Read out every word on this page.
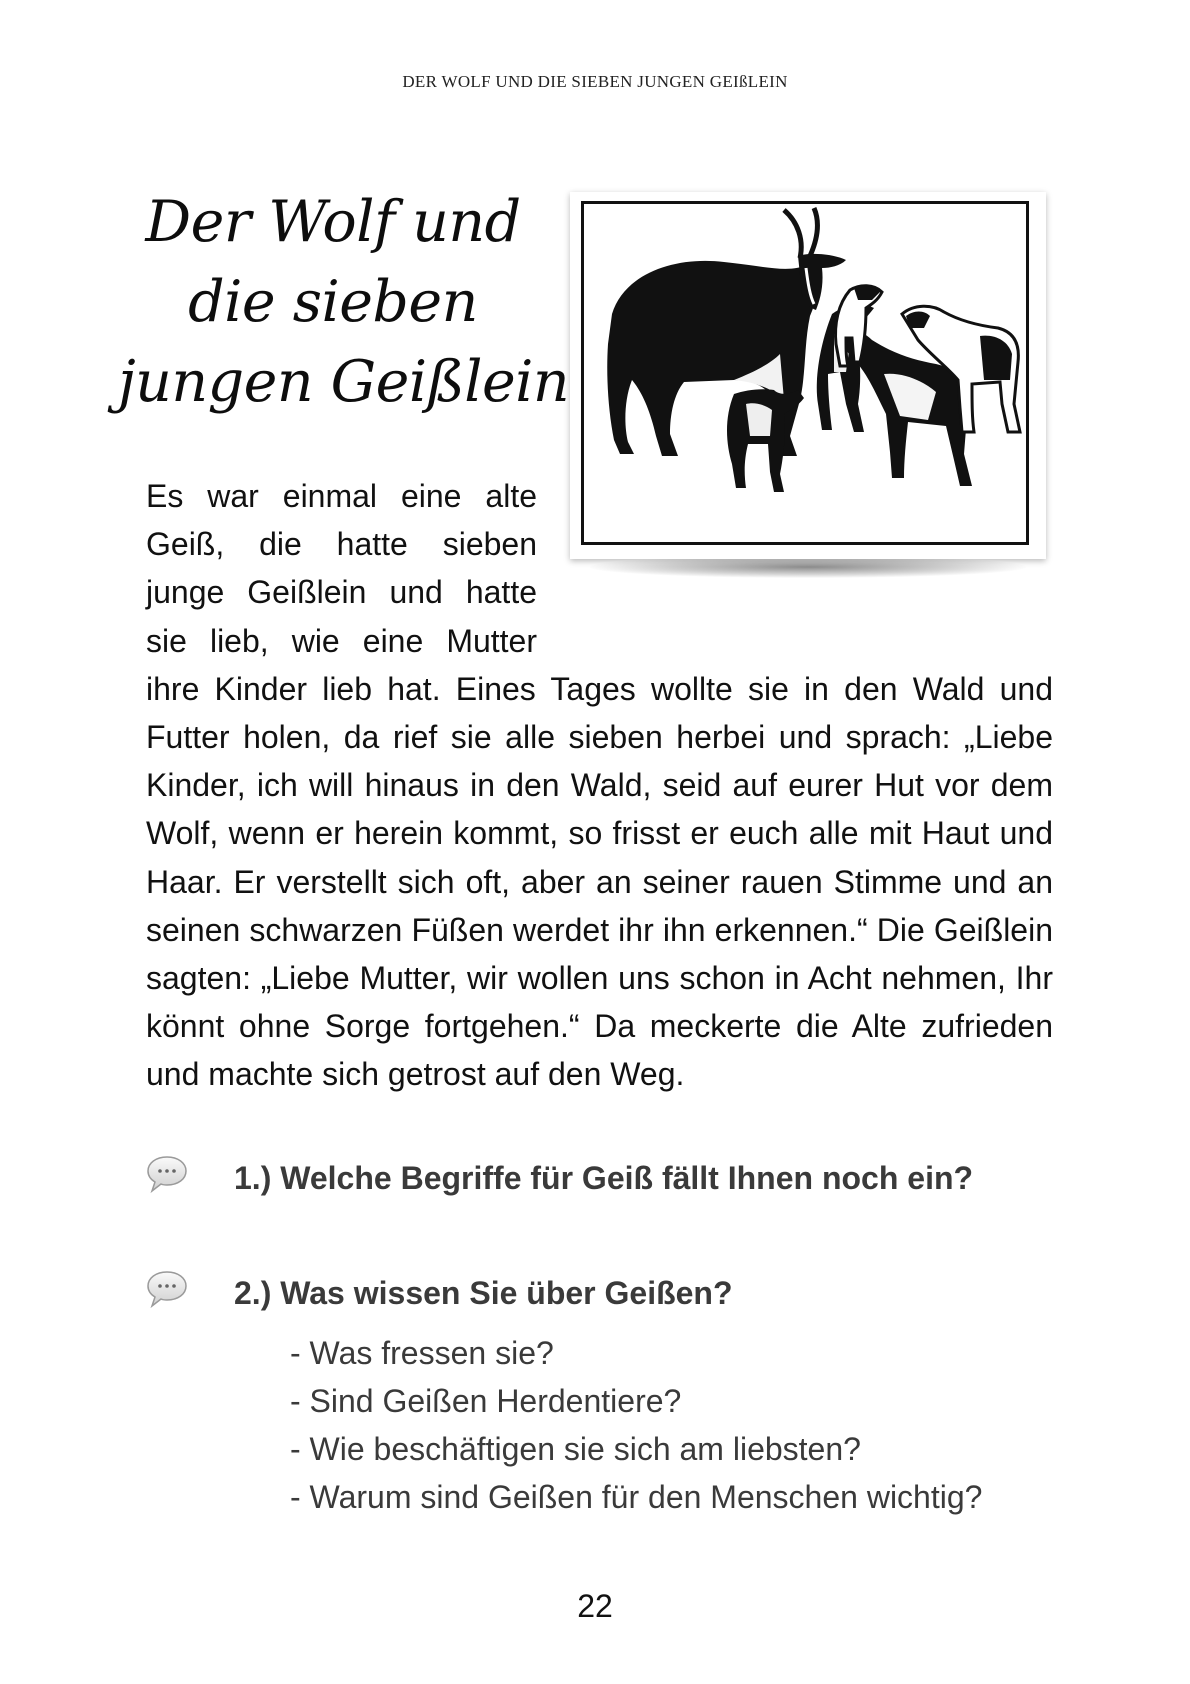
DER WOLF UND DIE SIEBEN JUNGEN GEIßLEIN
Der Wolf und
die sieben
jungen Geißlein
Es war einmal eine alte Geiß, die hatte sieben junge Geißlein und hatte sie lieb, wie eine Mutter ihre Kinder lieb hat. Eines Tages wollte sie in den Wald und Futter holen, da rief sie alle sieben herbei und sprach: „Liebe Kinder, ich will hinaus in den Wald, seid auf eurer Hut vor dem Wolf, wenn er herein kommt, so frisst er euch alle mit Haut und Haar. Er verstellt sich oft, aber an seiner rauen Stimme und an seinen schwarzen Füßen werdet ihr ihn erkennen.“ Die Geißlein sagten: „Liebe Mutter, wir wollen uns schon in Acht nehmen, Ihr könnt ohne Sorge fortgehen.“ Da meckerte die Alte zufrieden und machte sich getrost auf den Weg.
1.) Welche Begriffe für Geiß fällt Ihnen noch ein?
2.) Was wissen Sie über Geißen?
- Was fressen sie?
- Sind Geißen Herdentiere?
- Wie beschäftigen sie sich am liebsten?
- Warum sind Geißen für den Menschen wichtig?
22
